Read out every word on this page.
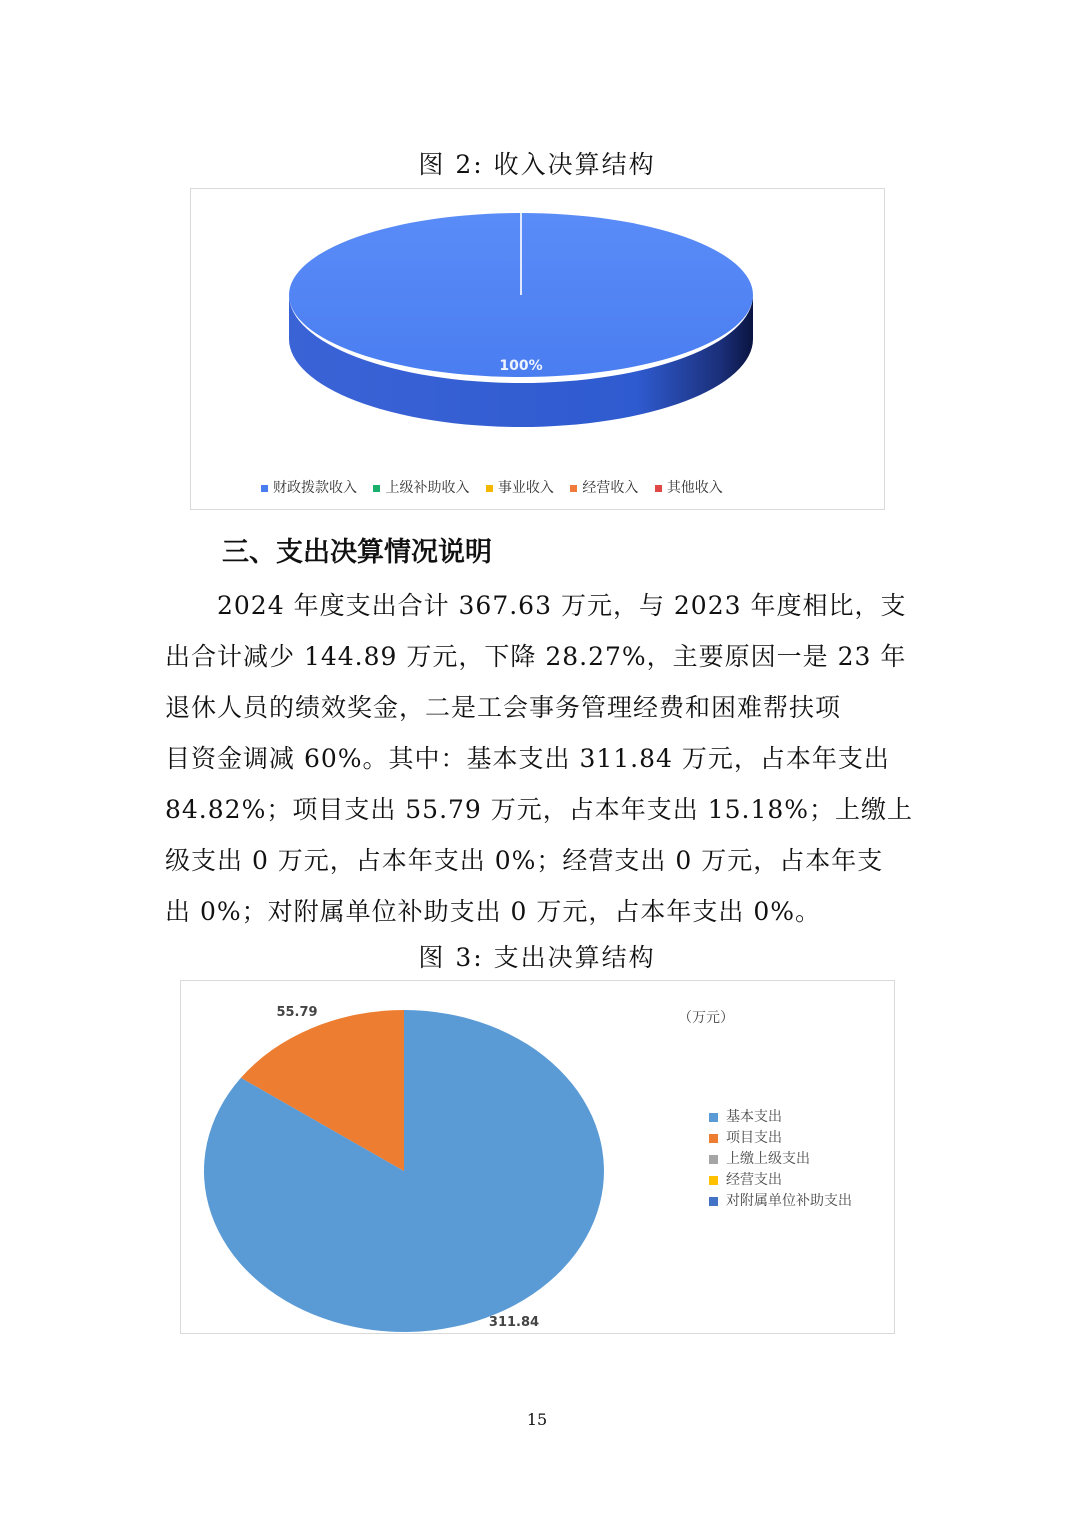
图 2: 收入决算结构
100%
财政拨款收入 上级补助收入 事业收入 经营收入 其他收入
三、支出决算情况说明
　　2024 年度支出合计 367.63 万元，与 2023 年度相比，支
出合计减少 144.89 万元，下降 28.27%，主要原因一是 23 年
退休人员的绩效奖金，二是工会事务管理经费和困难帮扶项
目资金调减 60%。其中：基本支出 311.84 万元，占本年支出
84.82%；项目支出 55.79 万元，占本年支出 15.18%；上缴上
级支出 0 万元，占本年支出 0%；经营支出 0 万元，占本年支
出 0%；对附属单位补助支出 0 万元，占本年支出 0%。
图 3: 支出决算结构
55.79
311.84
（万元）
基本支出
项目支出
上缴上级支出
经营支出
对附属单位补助支出
15
